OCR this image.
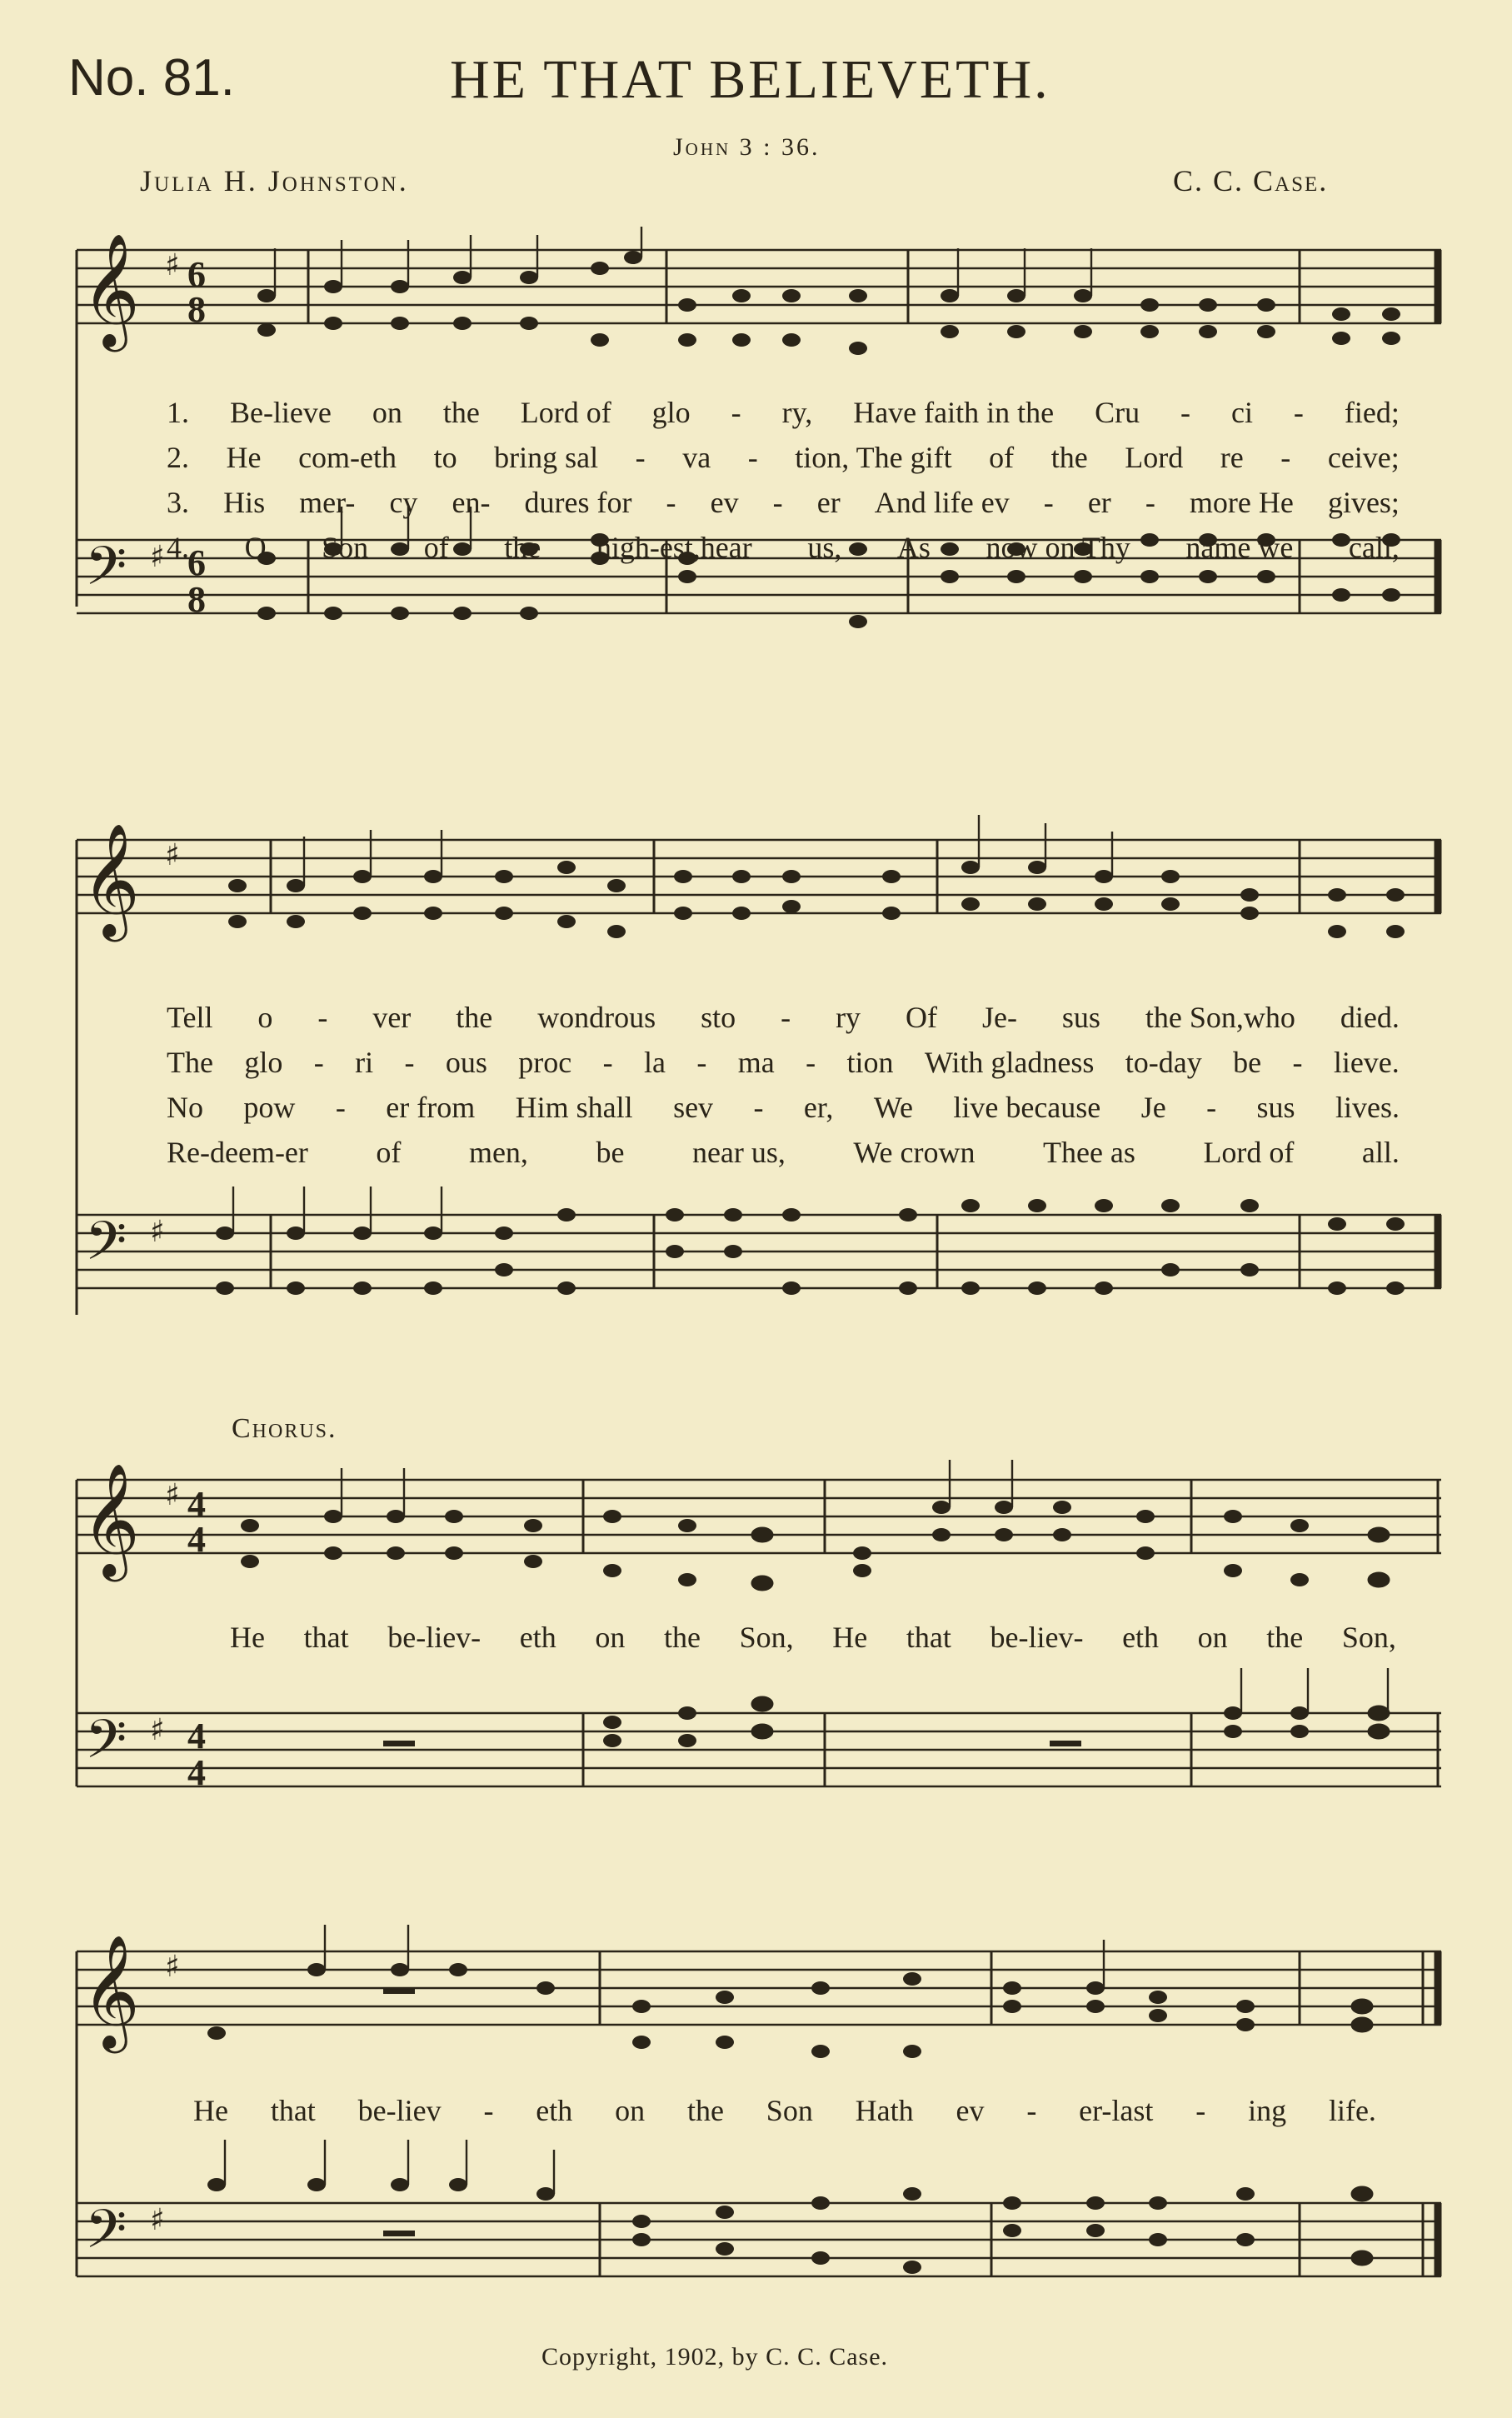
No. 81.	HE THAT BELIEVETH.
John 3 : 36.
Julia H. Johnston.	C. C. Case.
𝄞 ♯ 6
8
𝄢 ♯ 6
8
1. Be-lieve on the Lord of glo - ry, Have faith in the Cru - ci - fied;
2. He com-eth to bring sal - va - tion, The gift of the Lord re - ceive;
3. His mer- cy en- dures for - ev - er And life ev - er - more He gives;
4. O Son of the high-est,hear us, As now on Thy name we call,
𝄞 ♯
𝄢 ♯
Tell o - ver the wondrous sto - ry Of Je- sus the Son,who died.
The glo - ri - ous proc - la - ma - tion With gladness to-day be - lieve.
No pow - er from Him shall sev - er, We live because Je - sus lives.
Re-deem-er of men, be near us, We crown Thee as Lord of all.
Chorus.
𝄞 ♯ 4
4
𝄢 ♯ 4
4
He that be-liev- eth on the Son, He that be-liev- eth on the Son,
𝄞 ♯
𝄢 ♯
He that be-liev - eth on the Son Hath ev - er-last - ing life.
Copyright, 1902, by C. C. Case.
